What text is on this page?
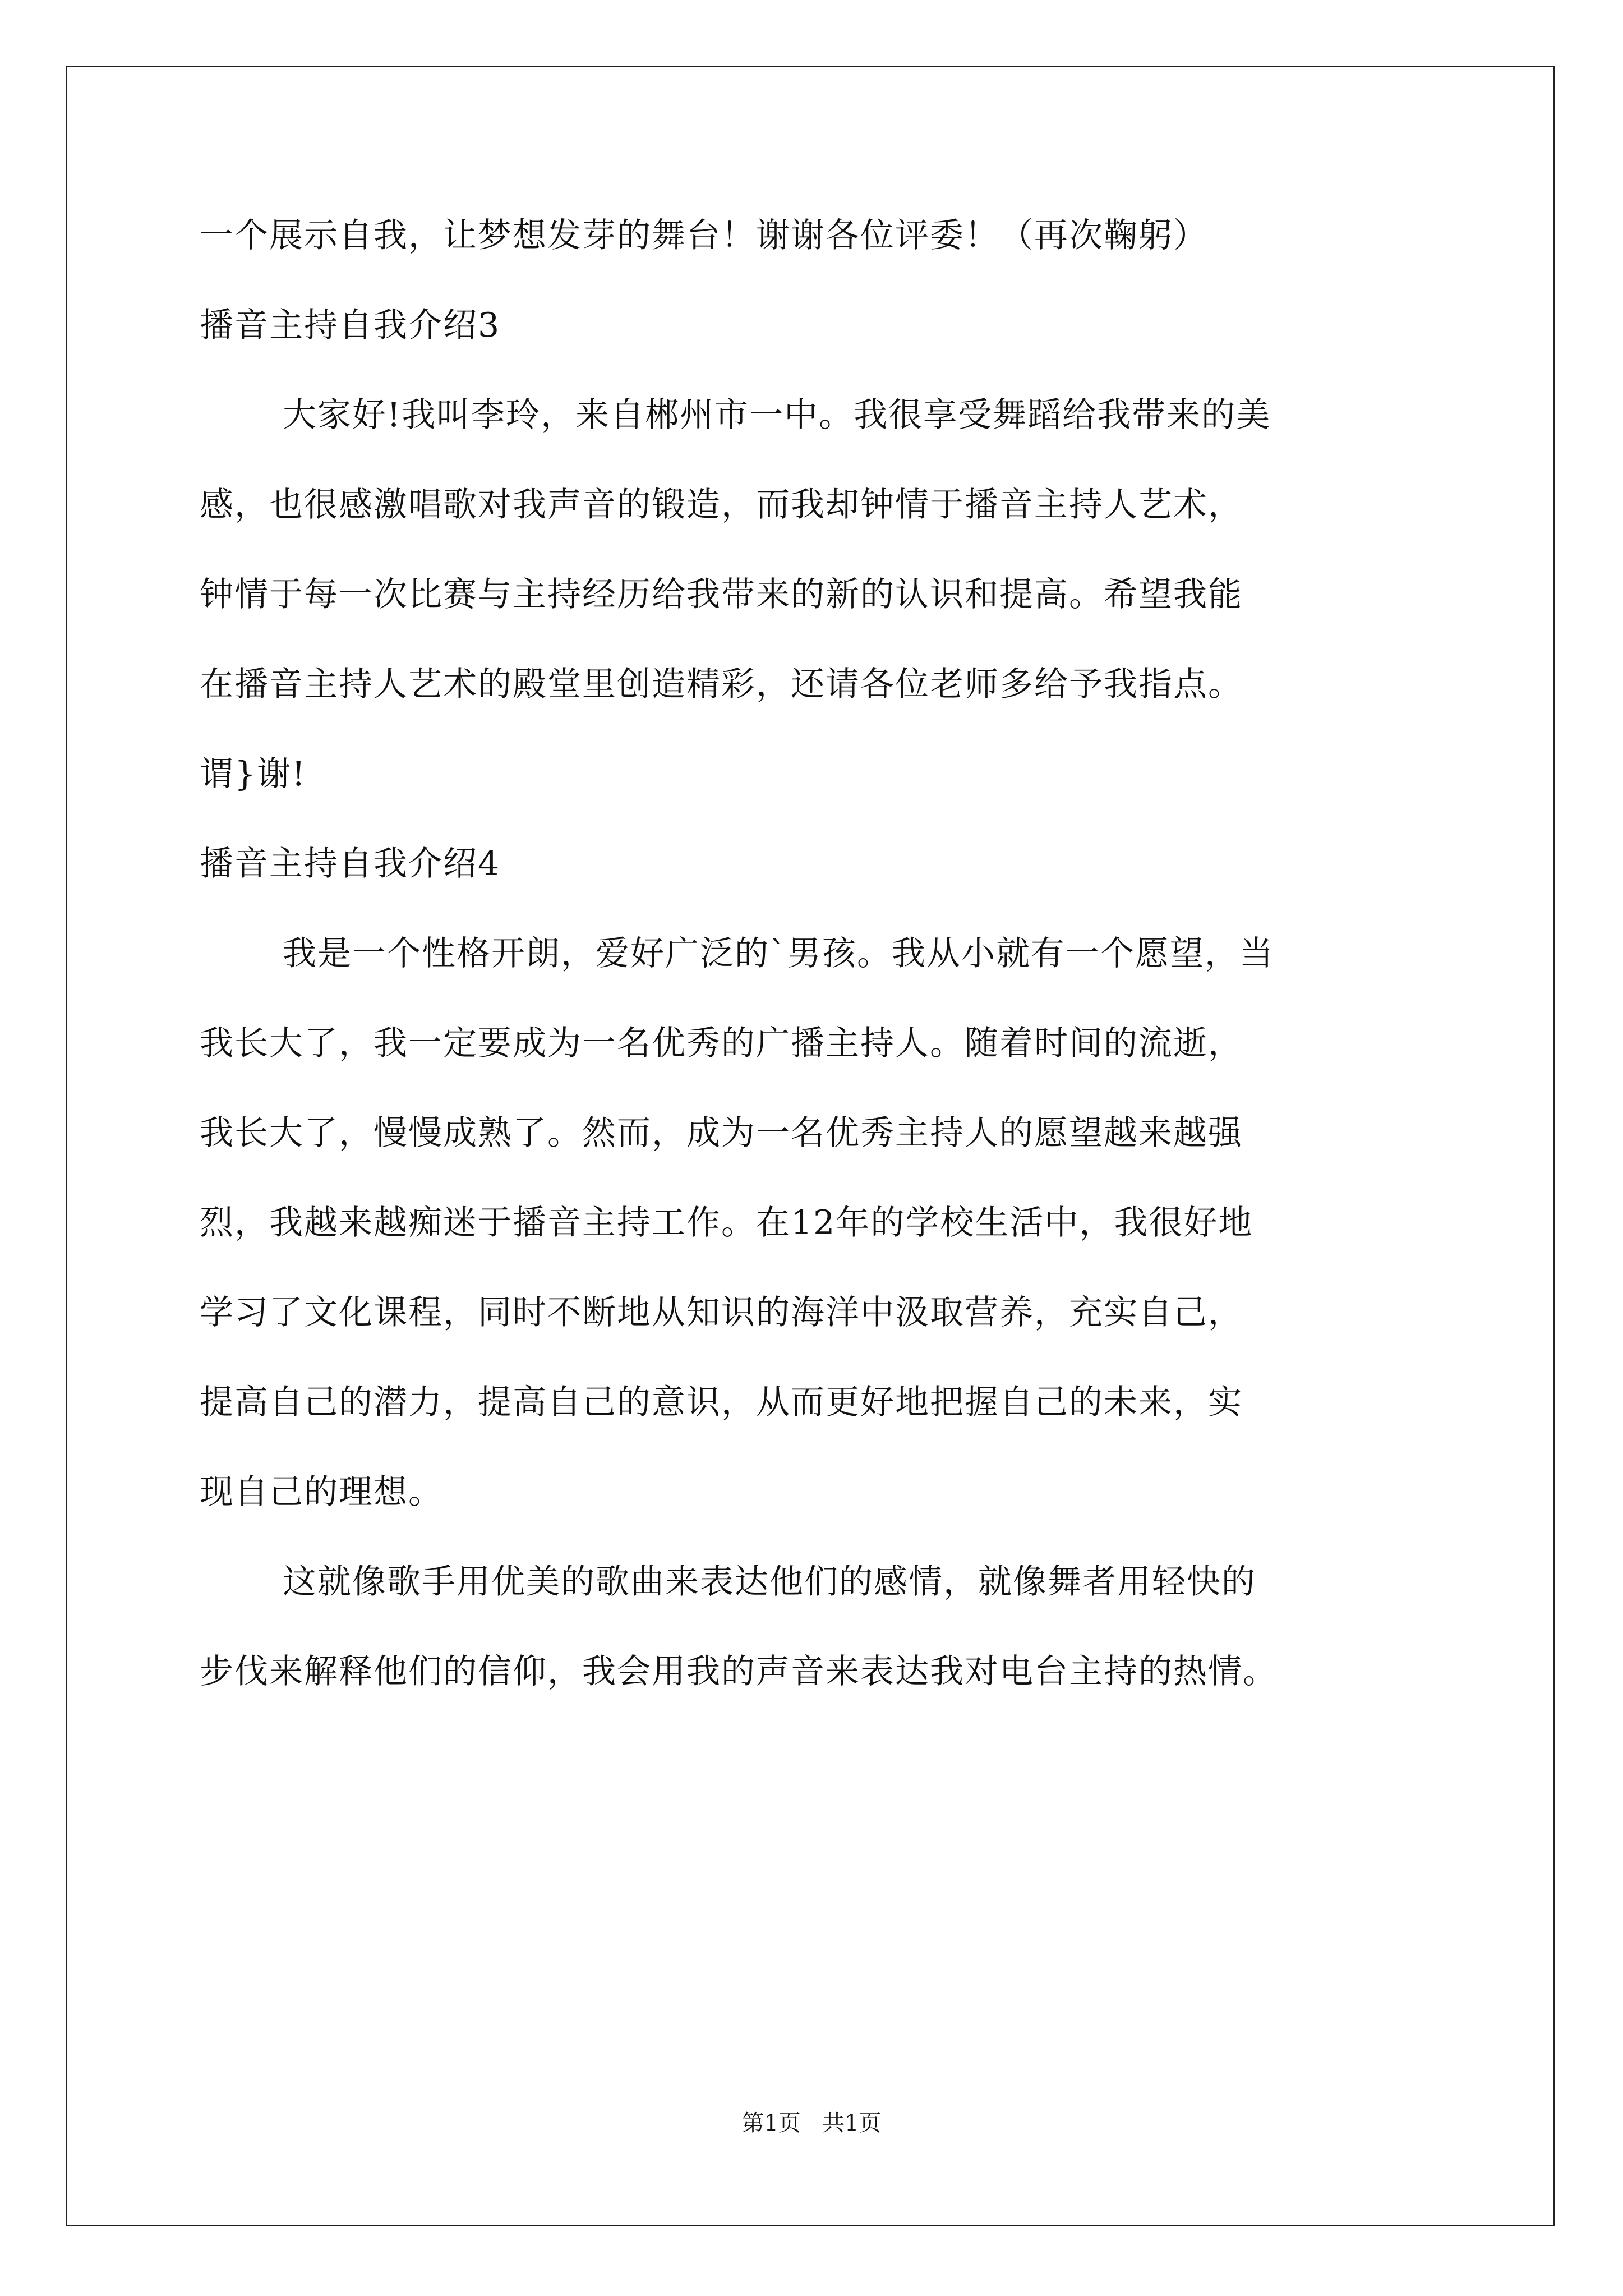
一个展示自我，让梦想发芽的舞台！谢谢各位评委！（再次鞠躬）
播音主持自我介绍3
大家好!我叫李玲，来自郴州市一中。我很享受舞蹈给我带来的美
感，也很感激唱歌对我声音的锻造，而我却钟情于播音主持人艺术，
钟情于每一次比赛与主持经历给我带来的新的认识和提高。希望我能
在播音主持人艺术的殿堂里创造精彩，还请各位老师多给予我指点。
谓}谢!
播音主持自我介绍4
我是一个性格开朗，爱好广泛的`男孩。我从小就有一个愿望，当
我长大了，我一定要成为一名优秀的广播主持人。随着时间的流逝，
我长大了，慢慢成熟了。然而，成为一名优秀主持人的愿望越来越强
烈，我越来越痴迷于播音主持工作。在12年的学校生活中，我很好地
学习了文化课程，同时不断地从知识的海洋中汲取营养，充实自己，
提高自己的潜力，提高自己的意识，从而更好地把握自己的未来，实
现自己的理想。
这就像歌手用优美的歌曲来表达他们的感情，就像舞者用轻快的
步伐来解释他们的信仰，我会用我的声音来表达我对电台主持的热情。
第1页   共1页
